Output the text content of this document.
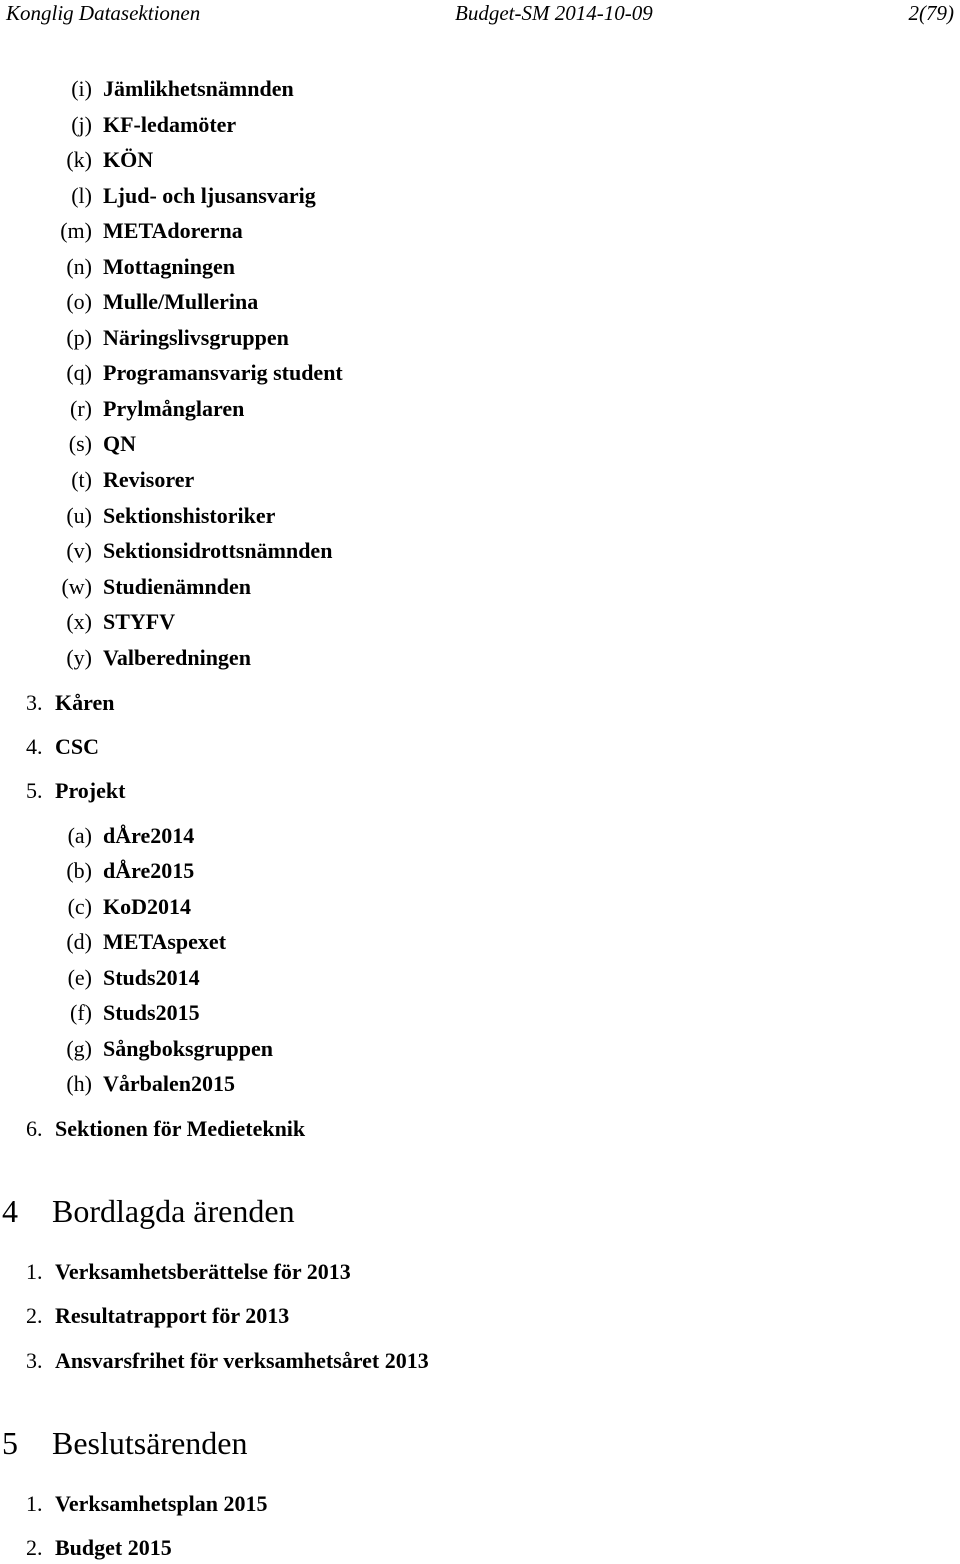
Konglig Datasektionen	Budget-SM 2014-10-09	2(79)
(i) Jämlikhetsnämnden
(j) KF-ledamöter
(k) KÖN
(l) Ljud- och ljusansvarig
(m) METAdorerna
(n) Mottagningen
(o) Mulle/Mullerina
(p) Näringslivsgruppen
(q) Programansvarig student
(r) Prylmånglaren
(s) QN
(t) Revisorer
(u) Sektionshistoriker
(v) Sektionsidrottsnämnden
(w) Studienämnden
(x) STYFV
(y) Valberedningen
3. Kåren
4. CSC
5. Projekt
(a) dÅre2014
(b) dÅre2015
(c) KoD2014
(d) METAspexet
(e) Studs2014
(f) Studs2015
(g) Sångboksgruppen
(h) Vårbalen2015
6. Sektionen för Medieteknik
4 Bordlagda ärenden
1. Verksamhetsberättelse för 2013
2. Resultatrapport för 2013
3. Ansvarsfrihet för verksamhetsåret 2013
5 Beslutsärenden
1. Verksamhetsplan 2015
2. Budget 2015
